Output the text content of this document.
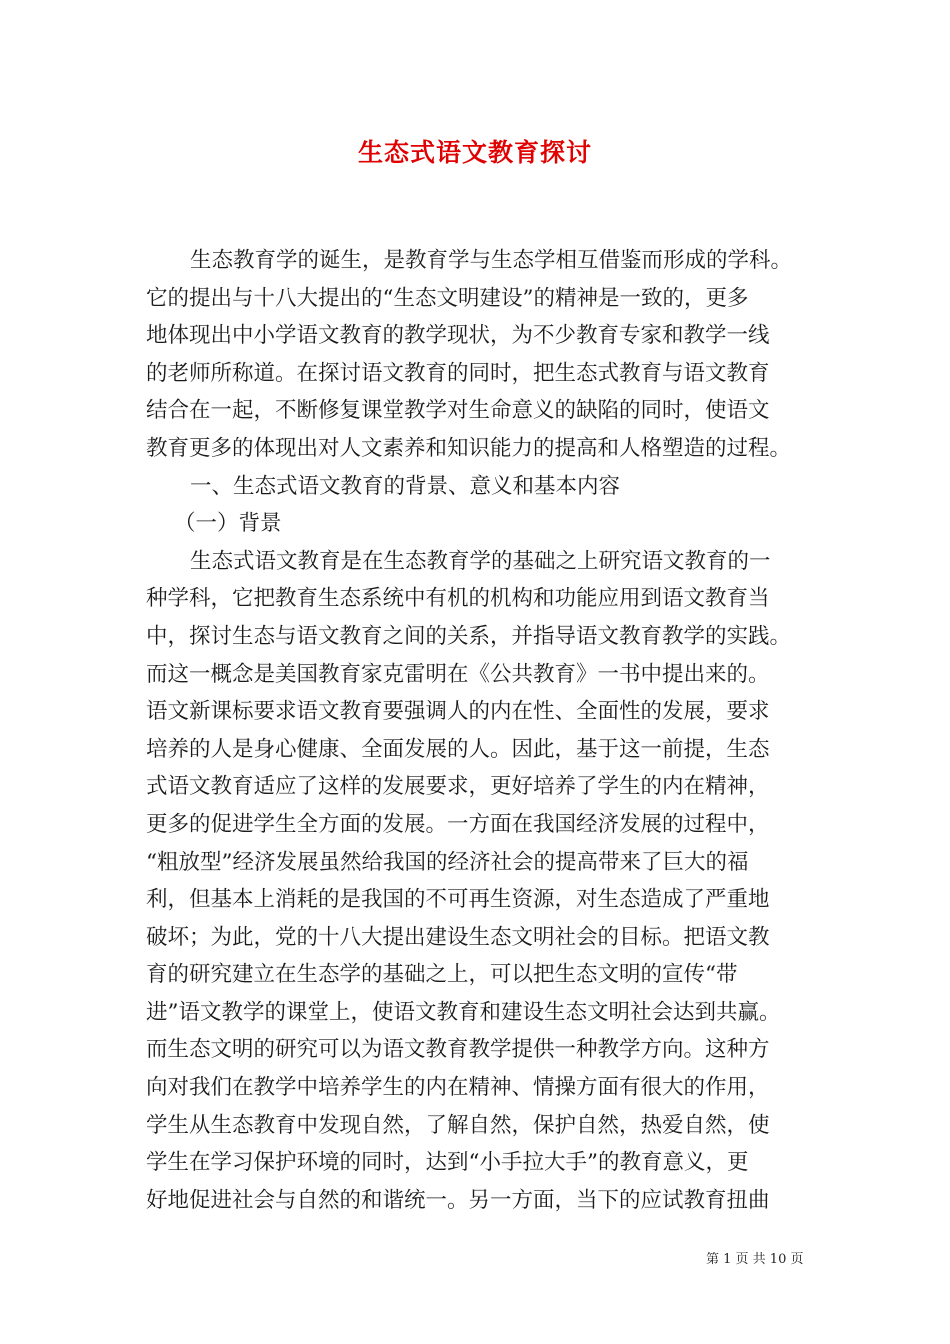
生态式语文教育探讨
生态教育学的诞生，是教育学与生态学相互借鉴而形成的学科。
它的提出与十八大提出的“生态文明建设”的精神是一致的，更多
地体现出中小学语文教育的教学现状，为不少教育专家和教学一线
的老师所称道。在探讨语文教育的同时，把生态式教育与语文教育
结合在一起，不断修复课堂教学对生命意义的缺陷的同时，使语文
教育更多的体现出对人文素养和知识能力的提高和人格塑造的过程。
一、生态式语文教育的背景、意义和基本内容
（一）背景
生态式语文教育是在生态教育学的基础之上研究语文教育的一
种学科，它把教育生态系统中有机的机构和功能应用到语文教育当
中，探讨生态与语文教育之间的关系，并指导语文教育教学的实践。
而这一概念是美国教育家克雷明在《公共教育》一书中提出来的。
语文新课标要求语文教育要强调人的内在性、全面性的发展，要求
培养的人是身心健康、全面发展的人。因此，基于这一前提，生态
式语文教育适应了这样的发展要求，更好培养了学生的内在精神，
更多的促进学生全方面的发展。一方面在我国经济发展的过程中，
“粗放型”经济发展虽然给我国的经济社会的提高带来了巨大的福
利，但基本上消耗的是我国的不可再生资源，对生态造成了严重地
破坏；为此，党的十八大提出建设生态文明社会的目标。把语文教
育的研究建立在生态学的基础之上，可以把生态文明的宣传“带
进”语文教学的课堂上，使语文教育和建设生态文明社会达到共赢。
而生态文明的研究可以为语文教育教学提供一种教学方向。这种方
向对我们在教学中培养学生的内在精神、情操方面有很大的作用，
学生从生态教育中发现自然，了解自然，保护自然，热爱自然，使
学生在学习保护环境的同时，达到“小手拉大手”的教育意义，更
好地促进社会与自然的和谐统一。另一方面，当下的应试教育扭曲
第 1 页 共 10 页
